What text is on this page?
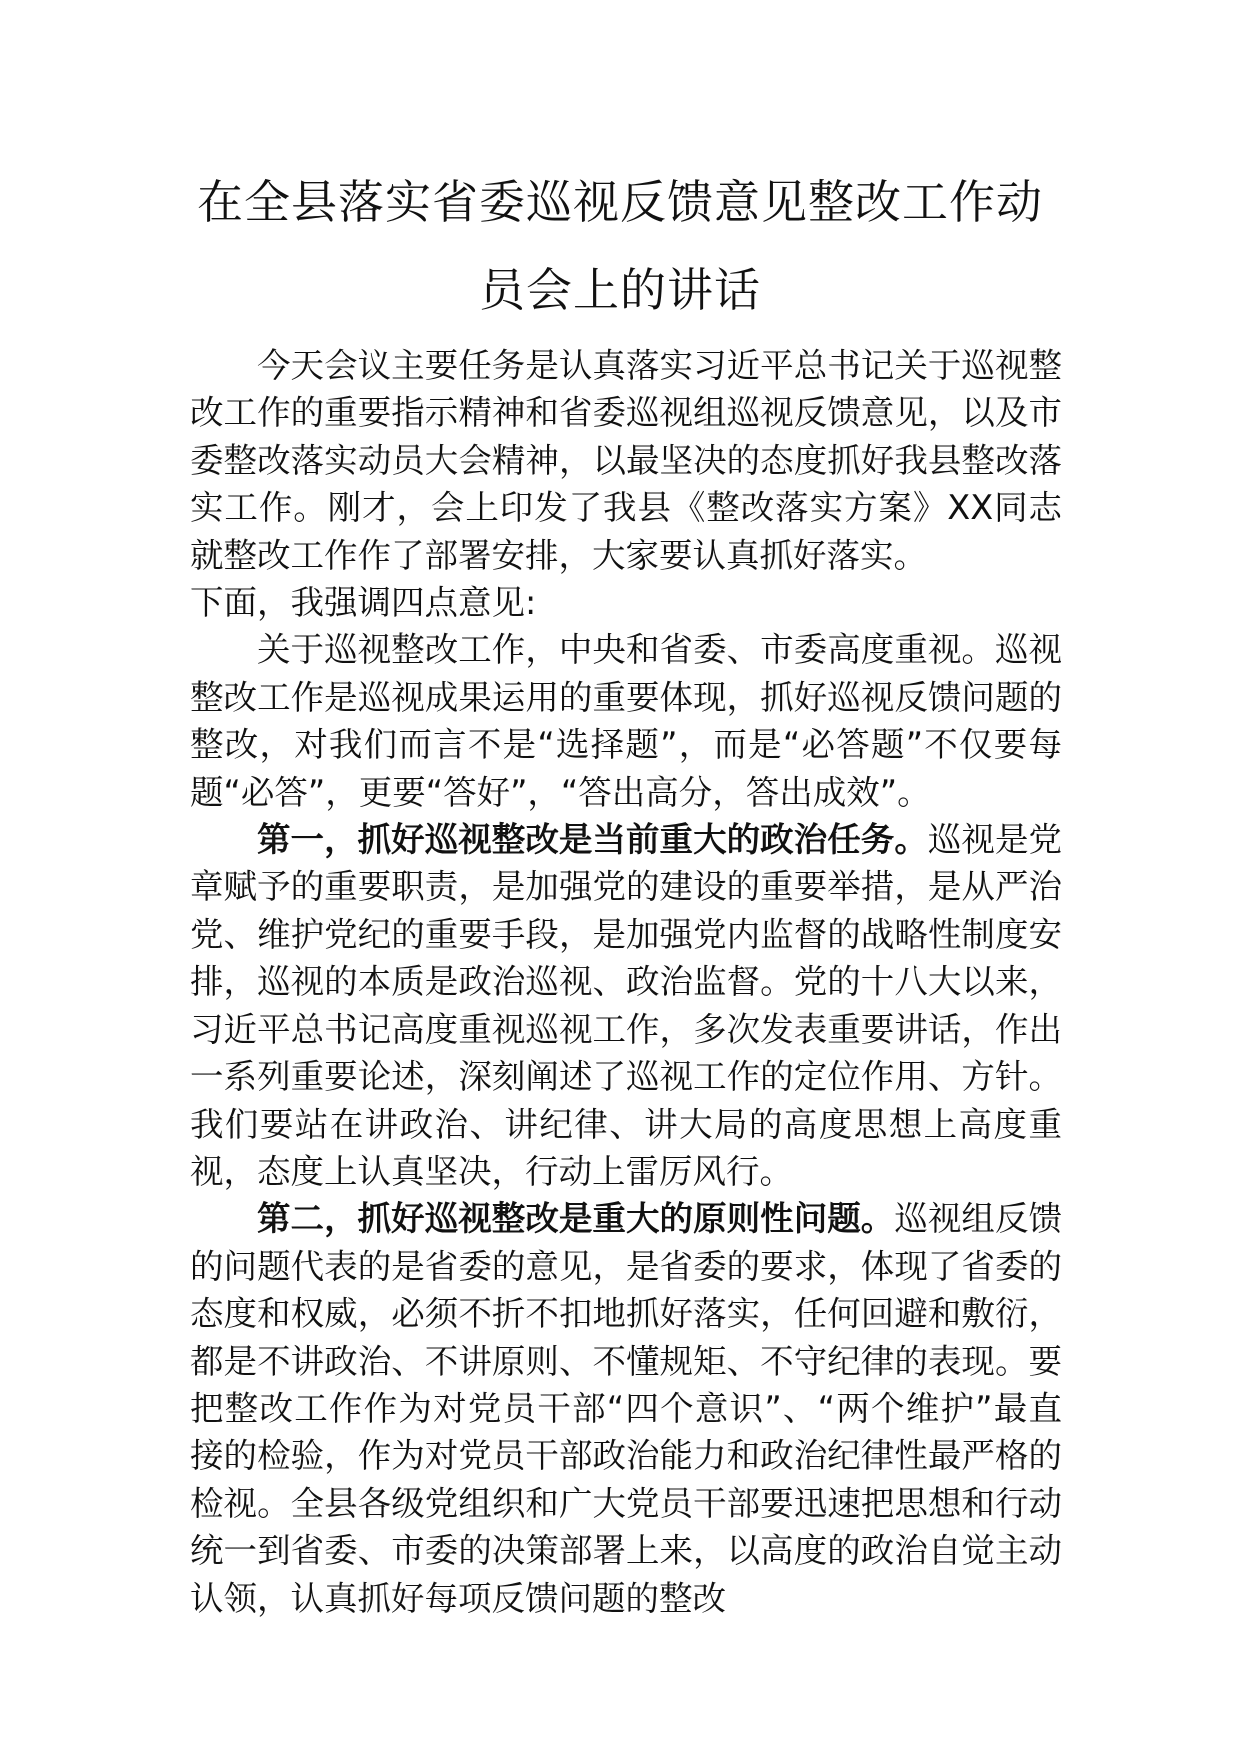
在全县落实省委巡视反馈意见整改工作动
员会上的讲话

今天会议主要任务是认真落实习近平总书记关于巡视整改工作的重要指示精神和省委巡视组巡视反馈意见，以及市委整改落实动员大会精神，以最坚决的态度抓好我县整改落实工作。刚才，会上印发了我县《整改落实方案》XX同志就整改工作作了部署安排，大家要认真抓好落实。

下面，我强调四点意见:

关于巡视整改工作，中央和省委、市委高度重视。巡视整改工作是巡视成果运用的重要体现，抓好巡视反馈问题的整改，对我们而言不是“选择题”，而是“必答题”不仅要每题“必答”，更要“答好”，“答出高分，答出成效”。

第一，抓好巡视整改是当前重大的政治任务。巡视是党章赋予的重要职责，是加强党的建设的重要举措，是从严治党、维护党纪的重要手段，是加强党内监督的战略性制度安排，巡视的本质是政治巡视、政治监督。党的十八大以来，习近平总书记高度重视巡视工作，多次发表重要讲话，作出一系列重要论述，深刻阐述了巡视工作的定位作用、方针。我们要站在讲政治、讲纪律、讲大局的高度思想上高度重视，态度上认真坚决，行动上雷厉风行。

第二，抓好巡视整改是重大的原则性问题。巡视组反馈的问题代表的是省委的意见，是省委的要求，体现了省委的态度和权威，必须不折不扣地抓好落实，任何回避和敷衍，都是不讲政治、不讲原则、不懂规矩、不守纪律的表现。要把整改工作作为对党员干部“四个意识”、“两个维护”最直接的检验，作为对党员干部政治能力和政治纪律性最严格的检视。全县各级党组织和广大党员干部要迅速把思想和行动统一到省委、市委的决策部署上来，以高度的政治自觉主动认领，认真抓好每项反馈问题的整改
